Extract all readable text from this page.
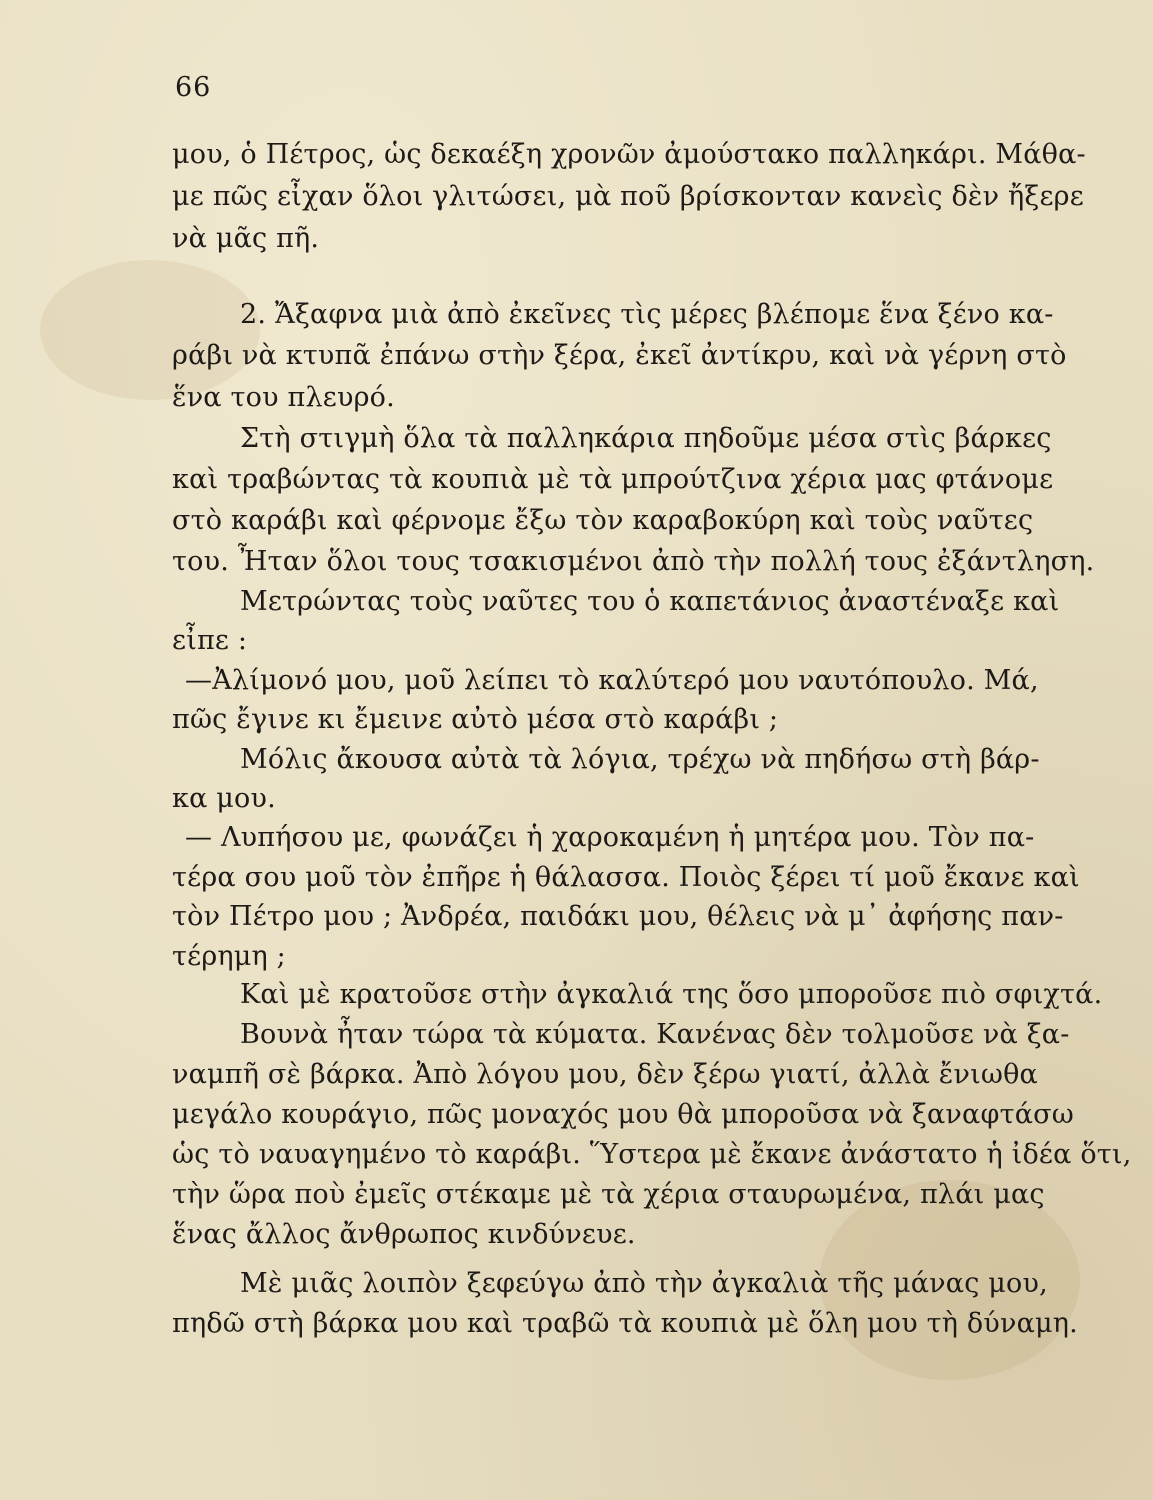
66
μου, ὁ Πέτρος, ὡς δεκαέξη χρονῶν ἀμούστακο παλληκάρι. Μάθα-
με πῶς εἶχαν ὅλοι γλιτώσει, μὰ ποῦ βρίσκονταν κανεὶς δὲν ἤξερε
νὰ μᾶς πῆ.
2. Ἄξαφνα μιὰ ἀπὸ ἐκεῖνες τὶς μέρες βλέπομε ἕνα ξένο κα-
ράβι νὰ κτυπᾶ ἐπάνω στὴν ξέρα, ἐκεῖ ἀντίκρυ, καὶ νὰ γέρνη στὸ
ἕνα του πλευρό.
Στὴ στιγμὴ ὅλα τὰ παλληκάρια πηδοῦμε μέσα στὶς βάρκες
καὶ τραβώντας τὰ κουπιὰ μὲ τὰ μπρούτζινα χέρια μας φτάνομε
στὸ καράβι καὶ φέρνομε ἔξω τὸν καραβοκύρη καὶ τοὺς ναῦτες
του. Ἦταν ὅλοι τους τσακισμένοι ἀπὸ τὴν πολλή τους ἐξάντληση.
Μετρώντας τοὺς ναῦτες του ὁ καπετάνιος ἀναστέναξε καὶ
εἶπε :
—Ἀλίμονό μου, μοῦ λείπει τὸ καλύτερό μου ναυτόπουλο. Μά,
πῶς ἔγινε κι ἔμεινε αὐτὸ μέσα στὸ καράβι ;
Μόλις ἄκουσα αὐτὰ τὰ λόγια, τρέχω νὰ πηδήσω στὴ βάρ-
κα μου.
— Λυπήσου με, φωνάζει ἡ χαροκαμένη ἡ μητέρα μου. Τὸν πα-
τέρα σου μοῦ τὸν ἐπῆρε ἡ θάλασσα. Ποιὸς ξέρει τί μοῦ ἔκανε καὶ
τὸν Πέτρο μου ; Ἀνδρέα, παιδάκι μου, θέλεις νὰ μ᾽ ἀφήσης παν-
τέρημη ;
Καὶ μὲ κρατοῦσε στὴν ἀγκαλιά της ὅσο μποροῦσε πιὸ σφιχτά.
Βουνὰ ἦταν τώρα τὰ κύματα. Κανένας δὲν τολμοῦσε νὰ ξα-
ναμπῆ σὲ βάρκα. Ἀπὸ λόγου μου, δὲν ξέρω γιατί, ἀλλὰ ἔνιωθα
μεγάλο κουράγιο, πῶς μοναχός μου θὰ μποροῦσα νὰ ξαναφτάσω
ὡς τὸ ναυαγημένο τὸ καράβι. Ὕστερα μὲ ἔκανε ἀνάστατο ἡ ἰδέα ὅτι,
τὴν ὥρα ποὺ ἐμεῖς στέκαμε μὲ τὰ χέρια σταυρωμένα, πλάι μας
ἕνας ἄλλος ἄνθρωπος κινδύνευε.
Μὲ μιᾶς λοιπὸν ξεφεύγω ἀπὸ τὴν ἀγκαλιὰ τῆς μάνας μου,
πηδῶ στὴ βάρκα μου καὶ τραβῶ τὰ κουπιὰ μὲ ὅλη μου τὴ δύναμη.
